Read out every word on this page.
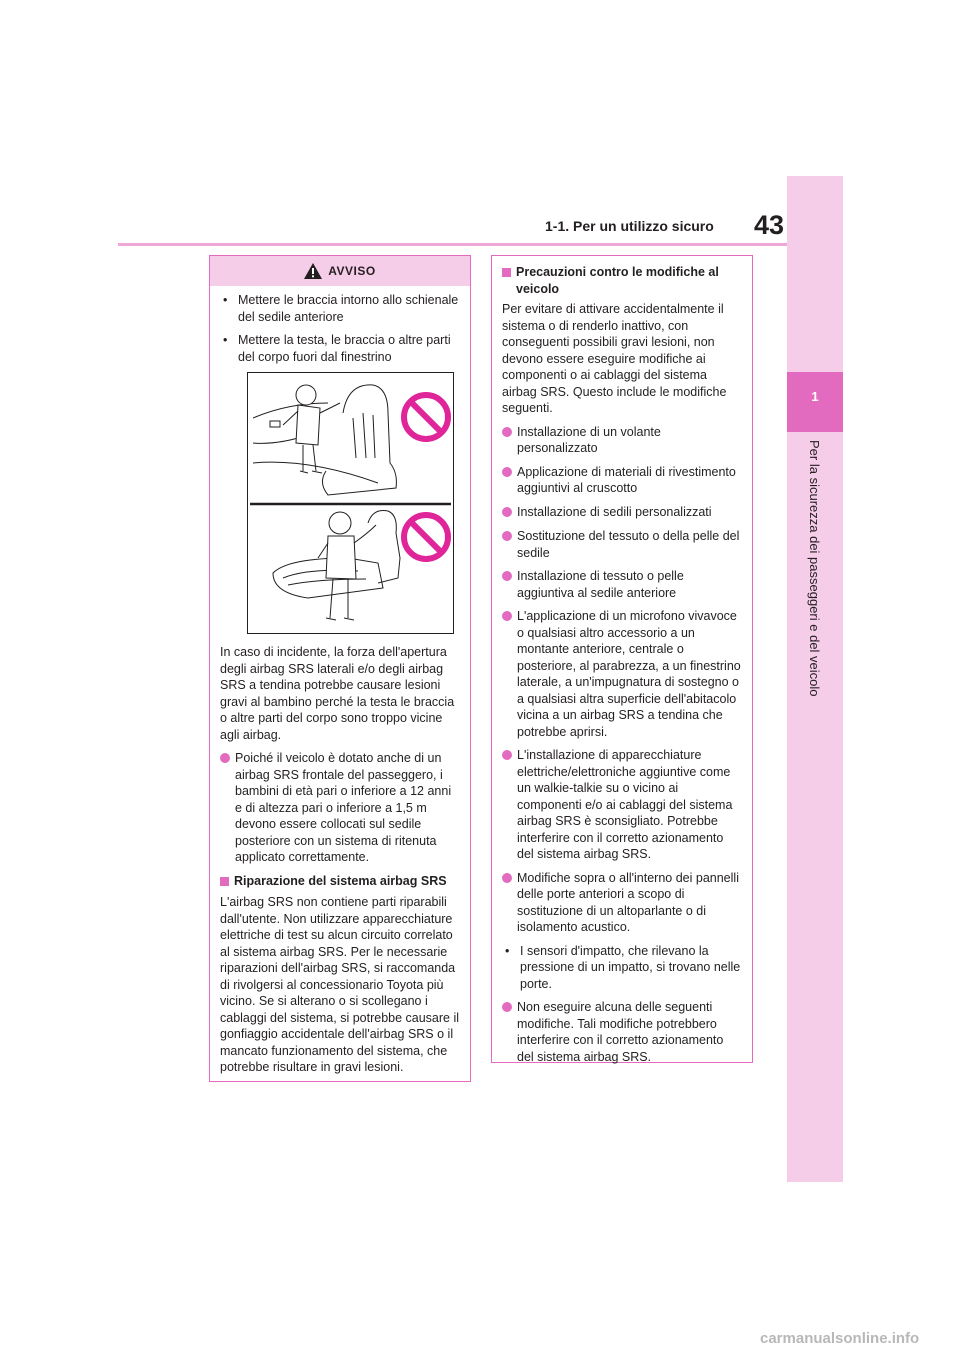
1-1. Per un utilizzo sicuro 43
1
Per la sicurezza dei passeggeri e del veicolo
AVVISO
• Mettere le braccia intorno allo schienale del sedile anteriore
• Mettere la testa, le braccia o altre parti del corpo fuori dal finestrino

In caso di incidente, la forza dell'apertura degli airbag SRS laterali e/o degli airbag SRS a tendina potrebbe causare lesioni gravi al bambino perché la testa le braccia o altre parti del corpo sono troppo vicine agli airbag.

Poiché il veicolo è dotato anche di un airbag SRS frontale del passeggero, i bambini di età pari o inferiore a 12 anni e di altezza pari o inferiore a 1,5 m devono essere collocati sul sedile posteriore con un sistema di ritenuta applicato correttamente.
Riparazione del sistema airbag SRS

L'airbag SRS non contiene parti riparabili dall'utente. Non utilizzare apparecchiature elettriche di test su alcun circuito correlato al sistema airbag SRS. Per le necessarie riparazioni dell'airbag SRS, si raccomanda di rivolgersi al concessionario Toyota più vicino. Se si alterano o si scollegano i cablaggi del sistema, si potrebbe causare il gonfiaggio accidentale dell'airbag SRS o il mancato funzionamento del sistema, che potrebbe risultare in gravi lesioni.

Precauzioni contro le modifiche al veicolo

Per evitare di attivare accidentalmente il sistema o di renderlo inattivo, con conseguenti possibili gravi lesioni, non devono essere eseguire modifiche ai componenti o ai cablaggi del sistema airbag SRS. Questo include le modifiche seguenti.

Installazione di un volante personalizzato
Applicazione di materiali di rivestimento aggiuntivi al cruscotto
Installazione di sedili personalizzati
Sostituzione del tessuto o della pelle del sedile
Installazione di tessuto o pelle aggiuntiva al sedile anteriore
L'applicazione di un microfono vivavoce o qualsiasi altro accessorio a un montante anteriore, centrale o posteriore, al parabrezza, a un finestrino laterale, a un'impugnatura di sostegno o a qualsiasi altra superficie dell'abitacolo vicina a un airbag SRS a tendina che potrebbe aprirsi.
L'installazione di apparecchiature elettriche/elettroniche aggiuntive come un walkie-talkie su o vicino ai componenti e/o ai cablaggi del sistema airbag SRS è sconsigliato. Potrebbe interferire con il corretto azionamento del sistema airbag SRS.
Modifiche sopra o all'interno dei pannelli delle porte anteriori a scopo di sostituzione di un altoparlante o di isolamento acustico.
• I sensori d'impatto, che rilevano la pressione di un impatto, si trovano nelle porte.
Non eseguire alcuna delle seguenti modifiche. Tali modifiche potrebbero interferire con il corretto azionamento del sistema airbag SRS.
carmanualsonline.info
